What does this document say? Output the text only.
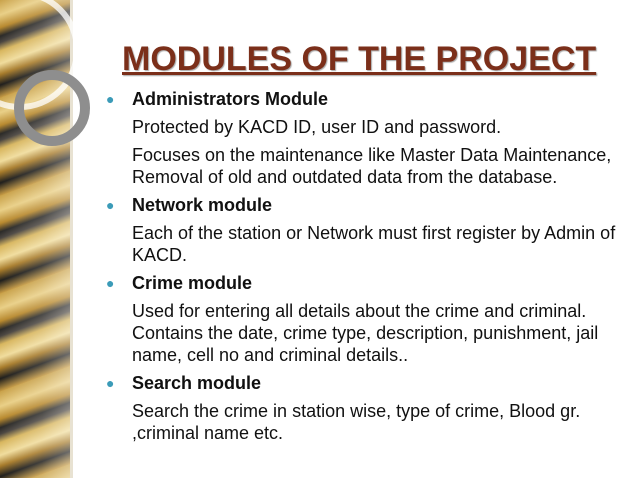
MODULES OF THE PROJECT
● Administrators Module
Protected by KACD ID, user ID and password.
Focuses on the maintenance like Master Data Maintenance, Removal of old and outdated data from the database.
● Network module
Each of the station or Network must first register by Admin of KACD.
● Crime module
Used for entering all details about the crime and criminal. Contains the date, crime type, description, punishment, jail name, cell no and criminal details..
● Search module
Search the crime in station wise, type of crime, Blood gr. ,criminal name etc.
